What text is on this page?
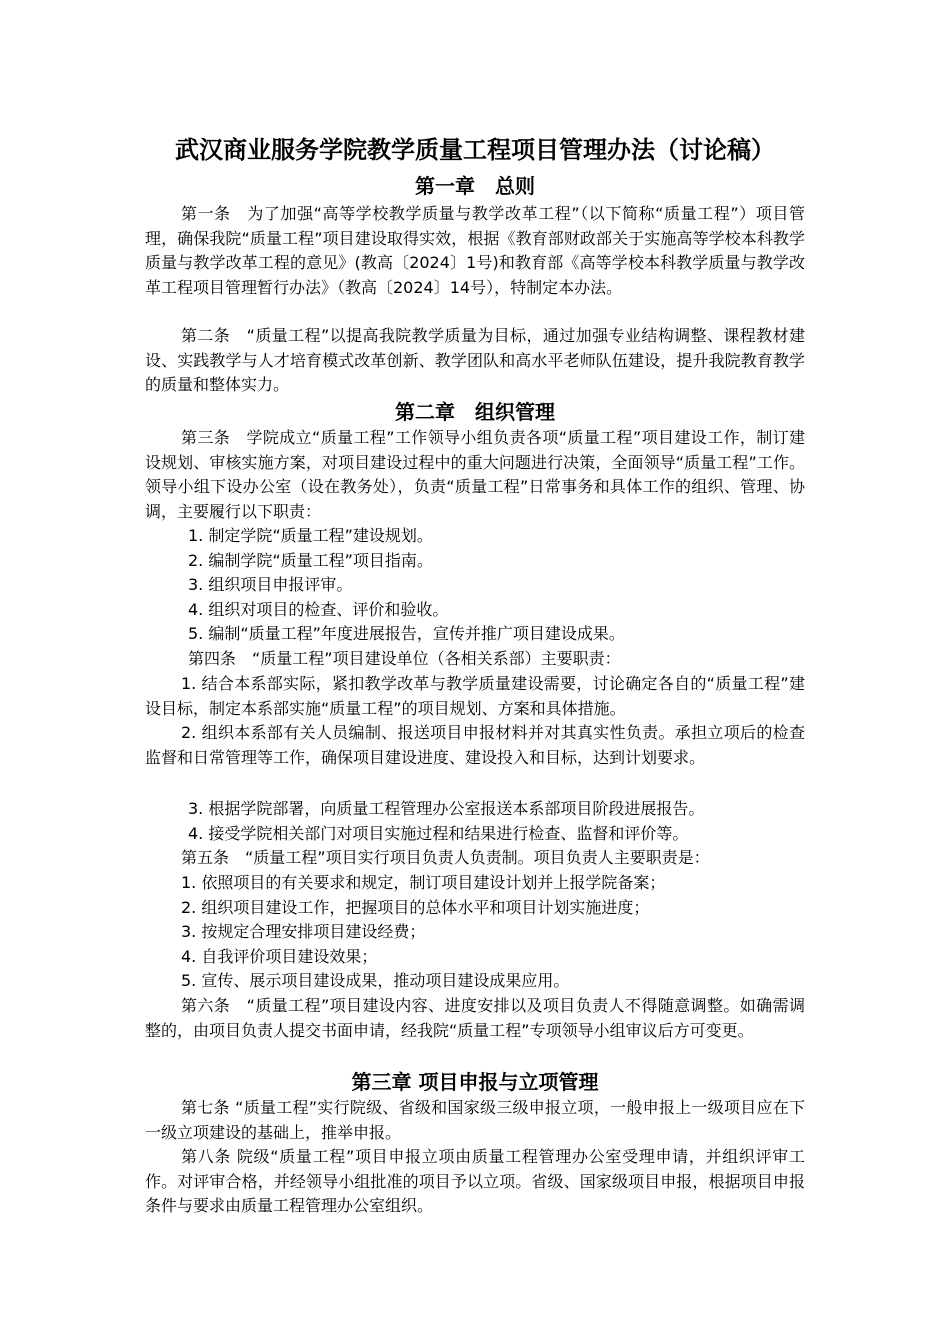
武汉商业服务学院教学质量工程项目管理办法（讨论稿）
第一章　总则

第一条　为了加强“高等学校教学质量与教学改革工程”（以下简称“质量工程”）项目管理，确保我院“质量工程”项目建设取得实效，根据《教育部财政部关于实施高等学校本科教学质量与教学改革工程的意见》(教高〔2024〕1号)和教育部《高等学校本科教学质量与教学改革工程项目管理暂行办法》（教高〔2024〕14号），特制定本办法。

第二条　“质量工程”以提高我院教学质量为目标，通过加强专业结构调整、课程教材建设、实践教学与人才培育模式改革创新、教学团队和高水平老师队伍建设，提升我院教育教学的质量和整体实力。

第二章　组织管理

第三条　学院成立“质量工程”工作领导小组负责各项“质量工程”项目建设工作，制订建设规划、审核实施方案，对项目建设过程中的重大问题进行决策，全面领导“质量工程”工作。领导小组下设办公室（设在教务处），负责“质量工程”日常事务和具体工作的组织、管理、协调，主要履行以下职责：

1. 制定学院“质量工程”建设规划。

2. 编制学院“质量工程”项目指南。

3. 组织项目申报评审。

4. 组织对项目的检查、评价和验收。

5. 编制“质量工程”年度进展报告，宣传并推广项目建设成果。

第四条　“质量工程”项目建设单位（各相关系部）主要职责：

1. 结合本系部实际，紧扣教学改革与教学质量建设需要，讨论确定各自的“质量工程”建设目标，制定本系部实施“质量工程”的项目规划、方案和具体措施。

2. 组织本系部有关人员编制、报送项目申报材料并对其真实性负责。承担立项后的检查监督和日常管理等工作，确保项目建设进度、建设投入和目标，达到计划要求。

3. 根据学院部署，向质量工程管理办公室报送本系部项目阶段进展报告。

4. 接受学院相关部门对项目实施过程和结果进行检查、监督和评价等。

第五条　“质量工程”项目实行项目负责人负责制。项目负责人主要职责是：

1. 依照项目的有关要求和规定，制订项目建设计划并上报学院备案；

2. 组织项目建设工作，把握项目的总体水平和项目计划实施进度；

3. 按规定合理安排项目建设经费；

4. 自我评价项目建设效果；

5. 宣传、展示项目建设成果，推动项目建设成果应用。

第六条　“质量工程”项目建设内容、进度安排以及项目负责人不得随意调整。如确需调整的，由项目负责人提交书面申请，经我院“质量工程”专项领导小组审议后方可变更。

第三章 项目申报与立项管理

第七条 “质量工程”实行院级、省级和国家级三级申报立项，一般申报上一级项目应在下一级立项建设的基础上，推举申报。

第八条 院级“质量工程”项目申报立项由质量工程管理办公室受理申请，并组织评审工作。对评审合格，并经领导小组批准的项目予以立项。省级、国家级项目申报，根据项目申报条件与要求由质量工程管理办公室组织。
